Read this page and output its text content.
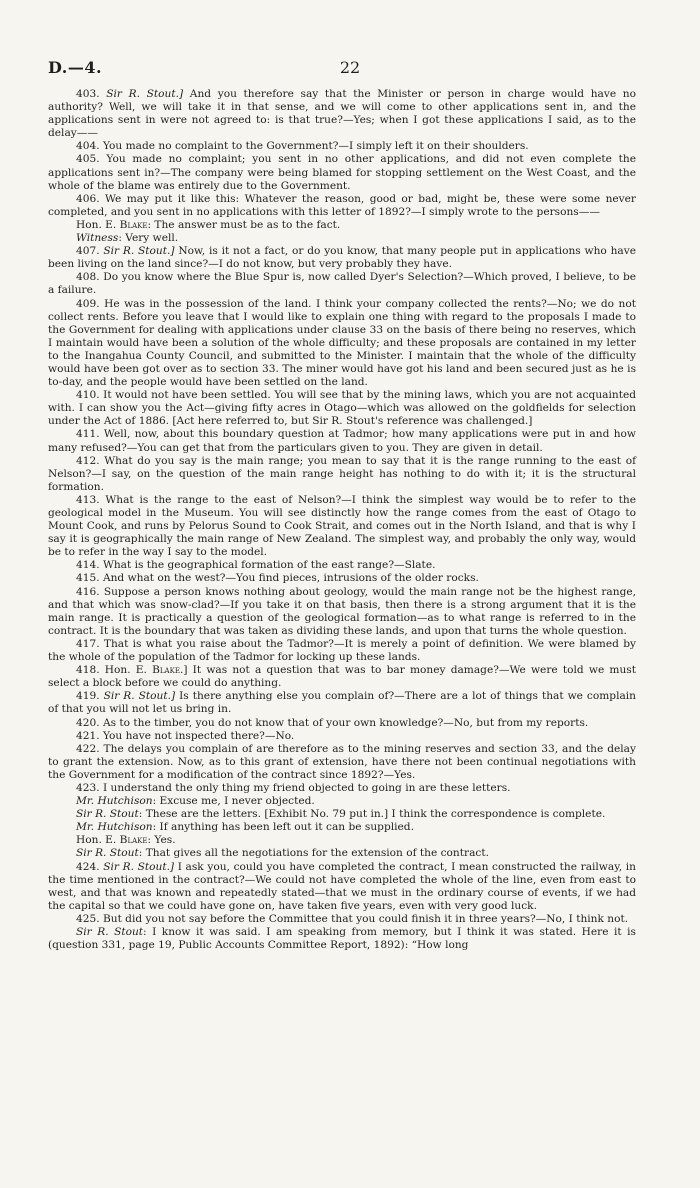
D.—4.	22

403. Sir R. Stout.] And you therefore say that the Minister or person in charge would have no authority? Well, we will take it in that sense, and we will come to other applications sent in, and the applications sent in were not agreed to: is that true?—Yes; when I got these applications I said, as to the delay——

404. You made no complaint to the Government?—I simply left it on their shoulders.

405. You made no complaint; you sent in no other applications, and did not even complete the applications sent in?—The company were being blamed for stopping settlement on the West Coast, and the whole of the blame was entirely due to the Government.

406. We may put it like this: Whatever the reason, good or bad, might be, these were some never completed, and you sent in no applications with this letter of 1892?—I simply wrote to the persons——

Hon. E. Blake: The answer must be as to the fact.

Witness: Very well.

407. Sir R. Stout.] Now, is it not a fact, or do you know, that many people put in applications who have been living on the land since?—I do not know, but very probably they have.

408. Do you know where the Blue Spur is, now called Dyer's Selection?—Which proved, I believe, to be a failure.

409. He was in the possession of the land. I think your company collected the rents?—No; we do not collect rents. Before you leave that I would like to explain one thing with regard to the proposals I made to the Government for dealing with applications under clause 33 on the basis of there being no reserves, which I maintain would have been a solution of the whole difficulty; and these proposals are contained in my letter to the Inangahua County Council, and submitted to the Minister. I maintain that the whole of the difficulty would have been got over as to section 33. The miner would have got his land and been secured just as he is to-day, and the people would have been settled on the land.

410. It would not have been settled. You will see that by the mining laws, which you are not acquainted with. I can show you the Act—giving fifty acres in Otago—which was allowed on the goldfields for selection under the Act of 1886. [Act here referred to, but Sir R. Stout's reference was challenged.]

411. Well, now, about this boundary question at Tadmor; how many applications were put in and how many refused?—You can get that from the particulars given to you. They are given in detail.

412. What do you say is the main range; you mean to say that it is the range running to the east of Nelson?—I say, on the question of the main range height has nothing to do with it; it is the structural formation.

413. What is the range to the east of Nelson?—I think the simplest way would be to refer to the geological model in the Museum. You will see distinctly how the range comes from the east of Otago to Mount Cook, and runs by Pelorus Sound to Cook Strait, and comes out in the North Island, and that is why I say it is geographically the main range of New Zealand. The simplest way, and probably the only way, would be to refer in the way I say to the model.

414. What is the geographical formation of the east range?—Slate.

415. And what on the west?—You find pieces, intrusions of the older rocks.

416. Suppose a person knows nothing about geology, would the main range not be the highest range, and that which was snow-clad?—If you take it on that basis, then there is a strong argument that it is the main range. It is practically a question of the geological formation—as to what range is referred to in the contract. It is the boundary that was taken as dividing these lands, and upon that turns the whole question.

417. That is what you raise about the Tadmor?—It is merely a point of definition. We were blamed by the whole of the population of the Tadmor for locking up these lands.

418. Hon. E. Blake.] It was not a question that was to bar money damage?—We were told we must select a block before we could do anything.

419. Sir R. Stout.] Is there anything else you complain of?—There are a lot of things that we complain of that you will not let us bring in.

420. As to the timber, you do not know that of your own knowledge?—No, but from my reports.

421. You have not inspected there?—No.

422. The delays you complain of are therefore as to the mining reserves and section 33, and the delay to grant the extension. Now, as to this grant of extension, have there not been continual negotiations with the Government for a modification of the contract since 1892?—Yes.

423. I understand the only thing my friend objected to going in are these letters.

Mr. Hutchison: Excuse me, I never objected.

Sir R. Stout: These are the letters. [Exhibit No. 79 put in.] I think the correspondence is complete.

Mr. Hutchison: If anything has been left out it can be supplied.

Hon. E. Blake: Yes.

Sir R. Stout: That gives all the negotiations for the extension of the contract.

424. Sir R. Stout.] I ask you, could you have completed the contract, I mean constructed the railway, in the time mentioned in the contract?—We could not have completed the whole of the line, even from east to west, and that was known and repeatedly stated—that we must in the ordinary course of events, if we had the capital so that we could have gone on, have taken five years, even with very good luck.

425. But did you not say before the Committee that you could finish it in three years?—No, I think not.

Sir R. Stout: I know it was said. I am speaking from memory, but I think it was stated. Here it is (question 331, page 19, Public Accounts Committee Report, 1892): “How long
